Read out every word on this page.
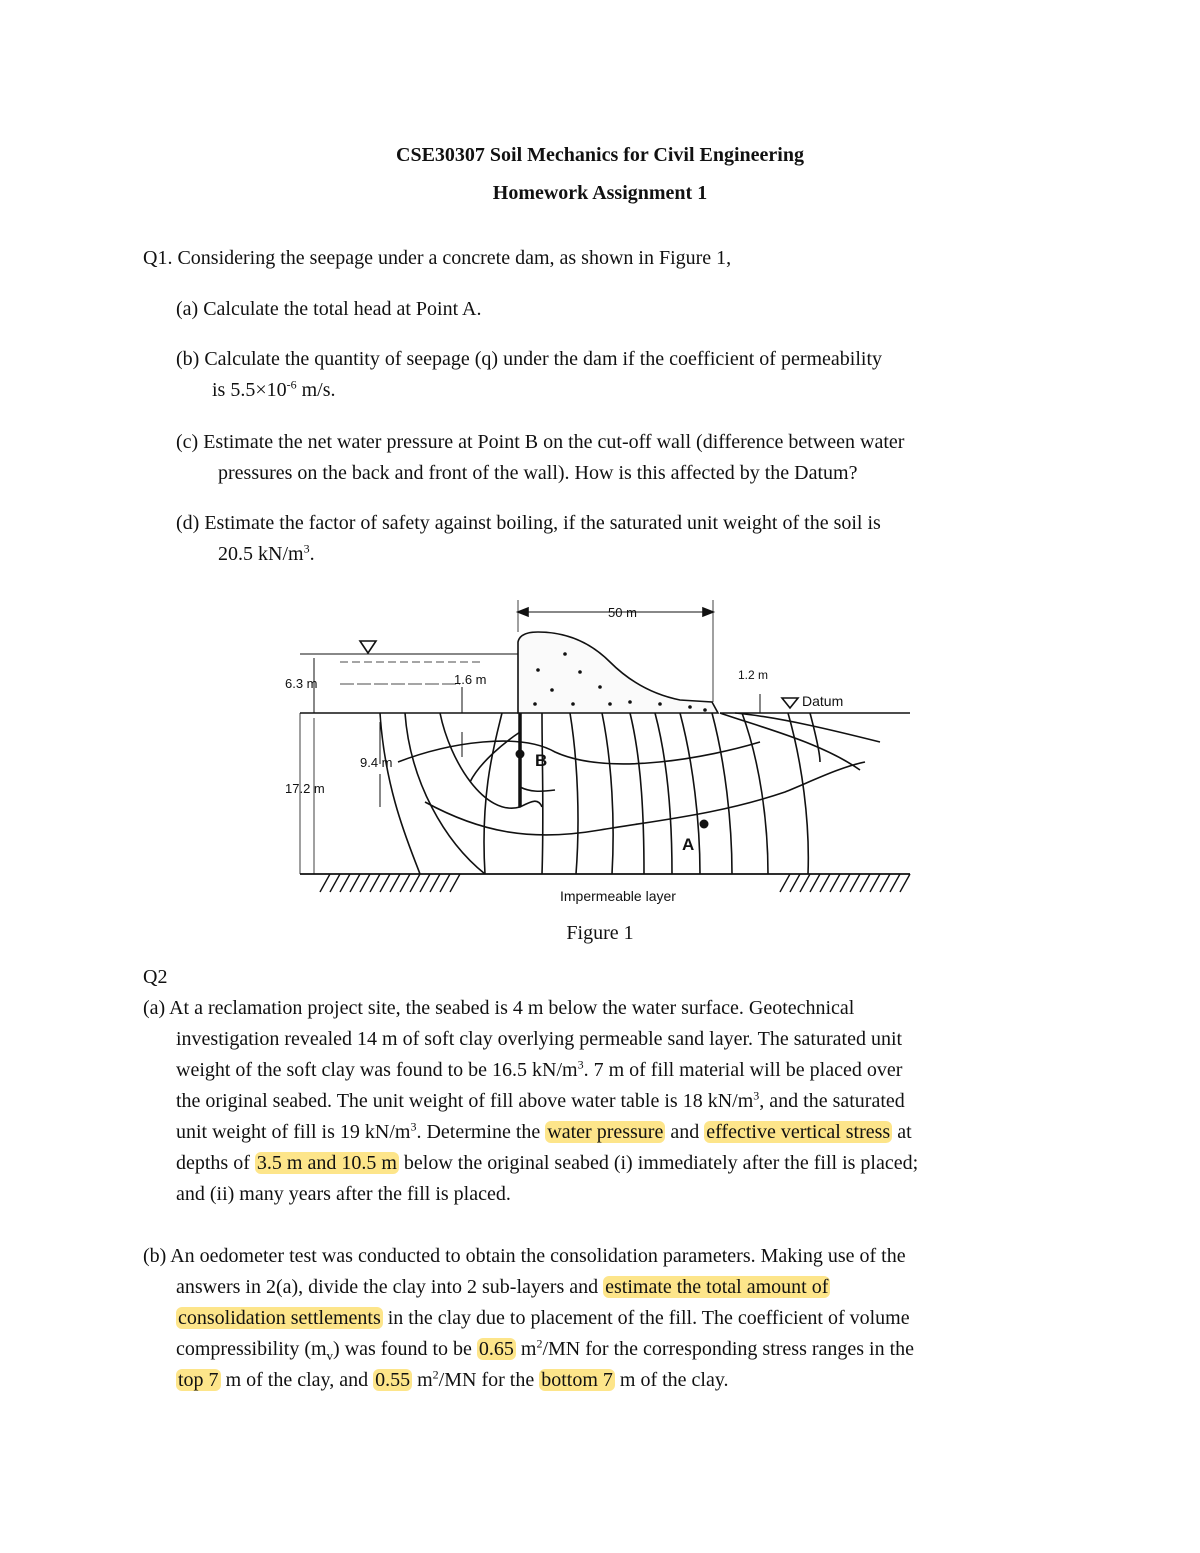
CSE30307 Soil Mechanics for Civil Engineering
Homework Assignment 1
Q1. Considering the seepage under a concrete dam, as shown in Figure 1,
(a) Calculate the total head at Point A.
(b) Calculate the quantity of seepage (q) under the dam if the coefficient of permeability
is $5.5\times 10^{-6}$ m/s.
(c) Estimate the net water pressure at Point B on the cut-off wall (difference between water
pressures on the back and front of the wall). How is this affected by the Datum?
(d) Estimate the factor of safety against boiling, if the saturated unit weight of the soil is
20.5 $kN/m^3$.
50 m
6.3 m	1.6 m
9.4 m
17.2 m
1.2 m
Datum
B
A
Impermeable layer
Figure 1
Q2
(a) At a reclamation project site, the seabed is 4 m below the water surface. Geotechnical
investigation revealed 14 m of soft clay overlying permeable sand layer. The saturated unit
weight of the soft clay was found to be 16.5 $kN/m^3$. 7 m of fill material will be placed over
the original seabed. The unit weight of fill above water table is 18 $kN/m^3$, and the saturated
unit weight of fill is 19 $kN/m^3$. Determine the water pressure and effective vertical stress at
depths of 3.5 m and 10.5 m below the original seabed (i) immediately after the fill is placed;
and (ii) many years after the fill is placed.
(b) An oedometer test was conducted to obtain the consolidation parameters. Making use of the
answers in 2(a), divide the clay into 2 sub-layers and estimate the total amount of
consolidation settlements in the clay due to placement of the fill. The coefficient of volume
compressibility $(m_v)$ was found to be 0.65 $m^2/MN$ for the corresponding stress ranges in the
top 7 m of the clay, and 0.55 $m^2/MN$ for the bottom 7 m of the clay.
